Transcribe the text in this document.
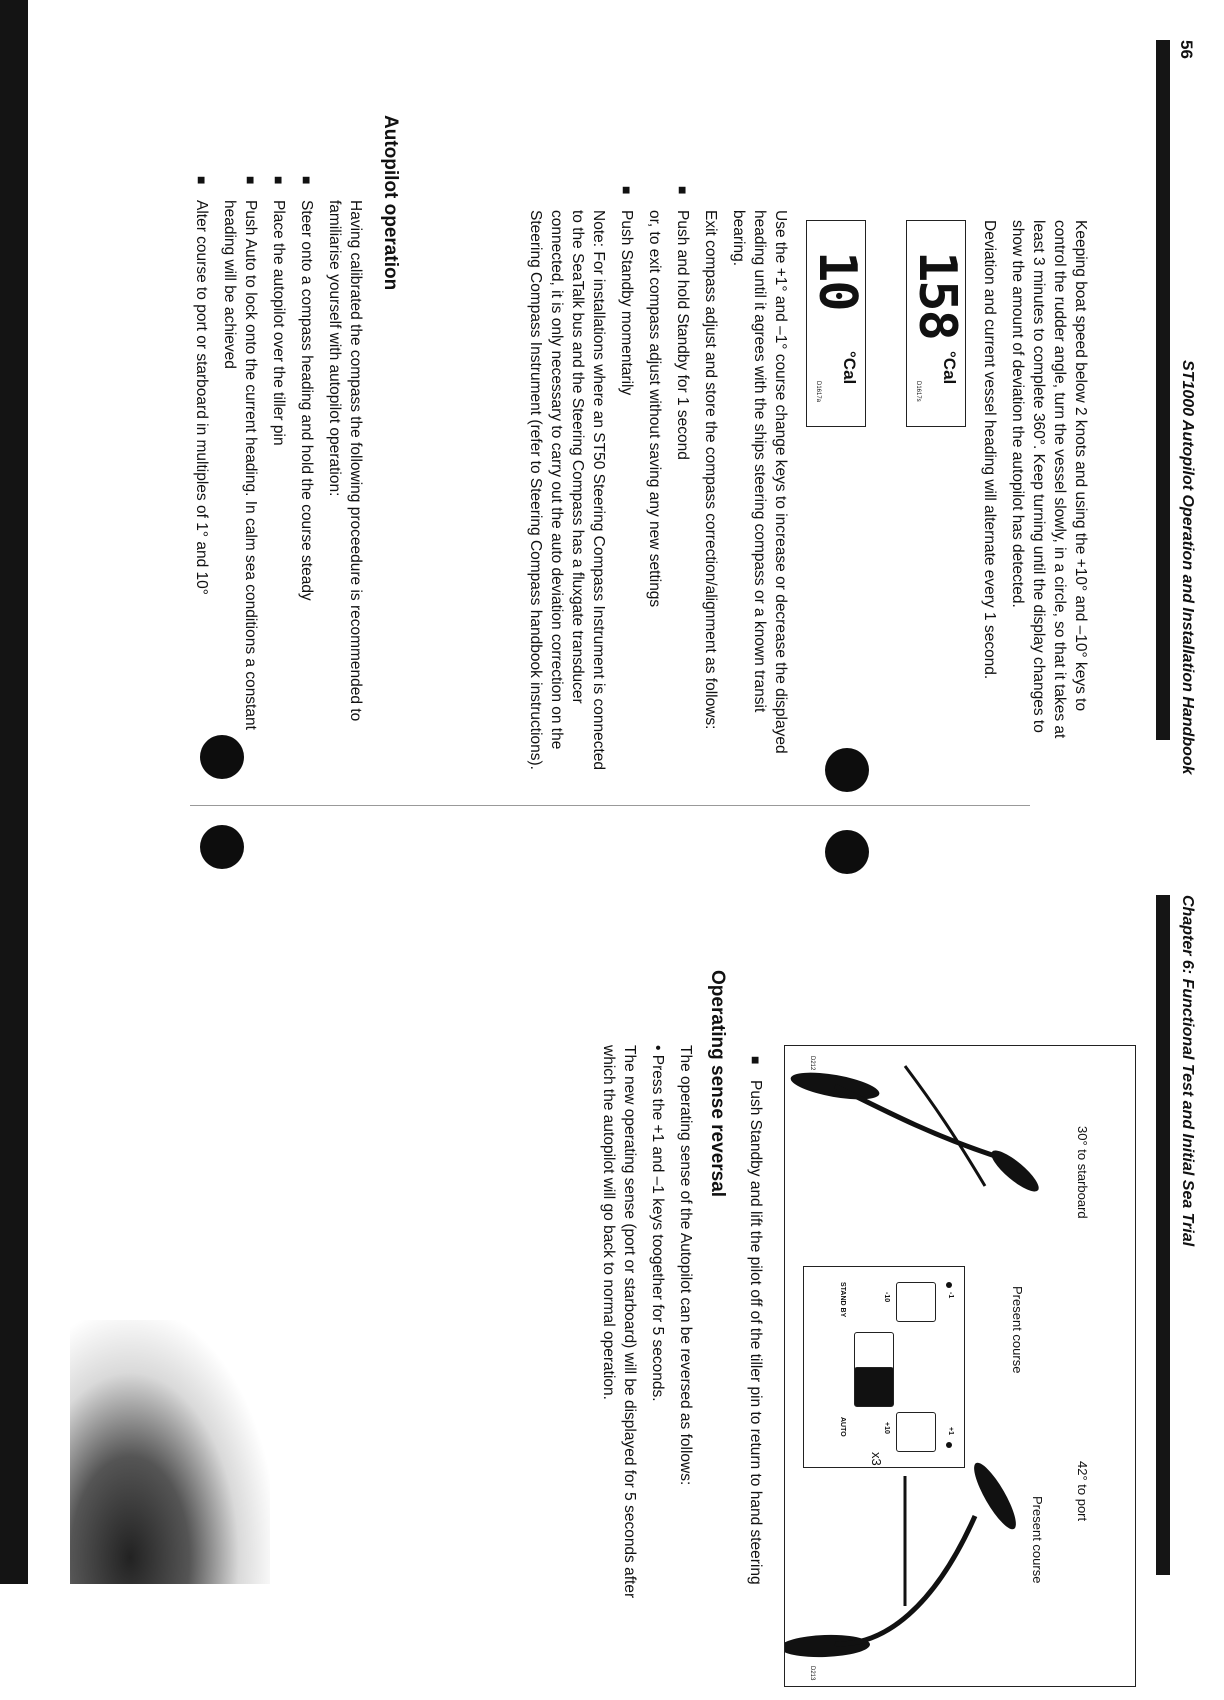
56
ST1000 Autopilot Operation and Installation Handbook

Keeping boat speed below 2 knots and using the +10° and –10° keys to control the rudder angle, turn the vessel slowly, in a circle, so that it takes at least 3 minutes to complete 360°. Keep turning until the display changes to show the amount of deviation the autopilot has detected.

Deviation and current vessel heading will alternate every 1 second.

158
°Cal
D1617s
10
°Cal
D1617a

Use the +1° and –1° course change keys to increase or decrease the displayed heading until it agrees with the ships steering compass or a known transit bearing.

Exit compass adjust and store the compass correction/alignment as follows:

■ Push and hold Standby for 1 second

or, to exit compass adjust without saving any new settings

■ Push Standby momentarily

Note: For installations where an ST50 Steering Compass Instrument is connected to the SeaTalk bus and the Steering Compass has a fluxgate transducer connected, it is only necessary to carry out the auto deviation correction on the Steering Compass Instrument (refer to Steering Compass handbook instructions).

Autopilot operation

Having calibrated the compass the following proceedure is recommended to familiarise yourself with autopilot operation:

■ Steer onto a compass heading and hold the course steady

■ Place the autopilot over the tiller pin

■ Push Auto to lock onto the current heading. In calm sea conditions a constant heading will be achieved

■ Alter course to port or starboard in multiples of 1° and 10°

Chapter 6: Functional Test and Initial Sea Trial
30° to starboard
Present course
42° to port
Present course
D212
D213
-1
+1
-10
+10
STAND BY
AUTO
x3
■ Push Standby and lift the pilot off of the tiller pin to return to hand steering
Operating sense reversal

The operating sense of the Autopilot can be reversed as follows:

• Press the +1 and –1 keys toogether for 5 seconds.

The new operating sense (port or starboard) will be displayed for 5 seconds after which the autopilot will go back to normal operation.
